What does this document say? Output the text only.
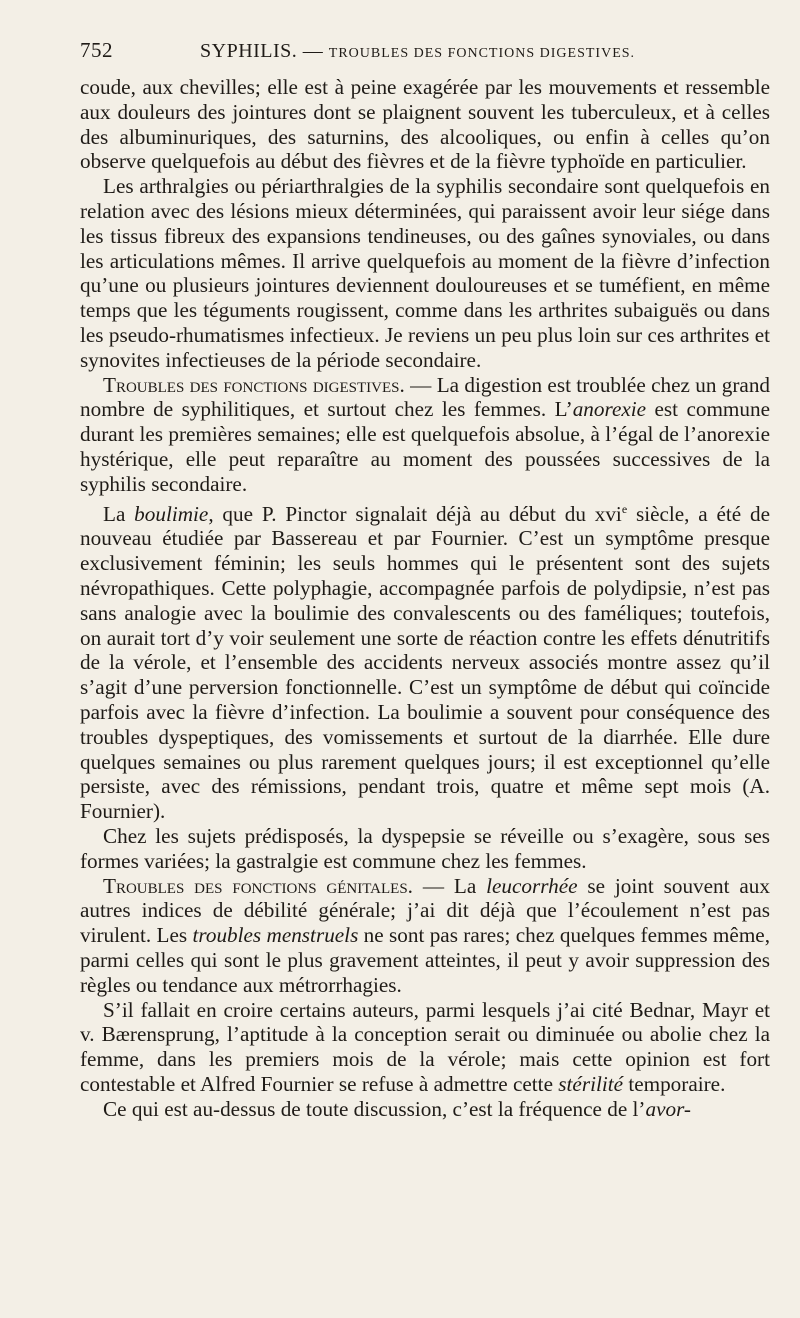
752	SYPHILIS. — TROUBLES DES FONCTIONS DIGESTIVES.

coude, aux chevilles; elle est à peine exagérée par les mouvements et ressemble aux douleurs des jointures dont se plaignent souvent les tuberculeux, et à celles des albuminuriques, des saturnins, des alcooliques, ou enfin à celles qu’on observe quelquefois au début des fièvres et de la fièvre typhoïde en particulier.

Les arthralgies ou périarthralgies de la syphilis secondaire sont quelquefois en relation avec des lésions mieux déterminées, qui paraissent avoir leur siége dans les tissus fibreux des expansions tendineuses, ou des gaînes synoviales, ou dans les articulations mêmes. Il arrive quelquefois au moment de la fièvre d’infection qu’une ou plusieurs jointures deviennent douloureuses et se tuméfient, en même temps que les téguments rougissent, comme dans les arthrites subaiguës ou dans les pseudo-rhumatismes infectieux. Je reviens un peu plus loin sur ces arthrites et synovites infectieuses de la période secondaire.

Troubles des fonctions digestives. — La digestion est troublée chez un grand nombre de syphilitiques, et surtout chez les femmes. L’anorexie est commune durant les premières semaines; elle est quelquefois absolue, à l’égal de l’anorexie hystérique, elle peut reparaître au moment des poussées successives de la syphilis secondaire.

La boulimie, que P. Pinctor signalait déjà au début du xvi$^e$ siècle, a été de nouveau étudiée par Bassereau et par Fournier. C’est un symptôme presque exclusivement féminin; les seuls hommes qui le présentent sont des sujets névropathiques. Cette polyphagie, accompagnée parfois de polydipsie, n’est pas sans analogie avec la boulimie des convalescents ou des faméliques; toutefois, on aurait tort d’y voir seulement une sorte de réaction contre les effets dénutritifs de la vérole, et l’ensemble des accidents nerveux associés montre assez qu’il s’agit d’une perversion fonctionnelle. C’est un symptôme de début qui coïncide parfois avec la fièvre d’infection. La boulimie a souvent pour conséquence des troubles dyspeptiques, des vomissements et surtout de la diarrhée. Elle dure quelques semaines ou plus rarement quelques jours; il est exceptionnel qu’elle persiste, avec des rémissions, pendant trois, quatre et même sept mois (A. Fournier).

Chez les sujets prédisposés, la dyspepsie se réveille ou s’exagère, sous ses formes variées; la gastralgie est commune chez les femmes.

Troubles des fonctions génitales. — La leucorrhée se joint souvent aux autres indices de débilité générale; j’ai dit déjà que l’écoulement n’est pas virulent. Les troubles menstruels ne sont pas rares; chez quelques femmes même, parmi celles qui sont le plus gravement atteintes, il peut y avoir suppression des règles ou tendance aux métrorrhagies.

S’il fallait en croire certains auteurs, parmi lesquels j’ai cité Bednar, Mayr et v. Bærensprung, l’aptitude à la conception serait ou diminuée ou abolie chez la femme, dans les premiers mois de la vérole; mais cette opinion est fort contestable et Alfred Fournier se refuse à admettre cette stérilité temporaire.

Ce qui est au-dessus de toute discussion, c’est la fréquence de l’avor-
